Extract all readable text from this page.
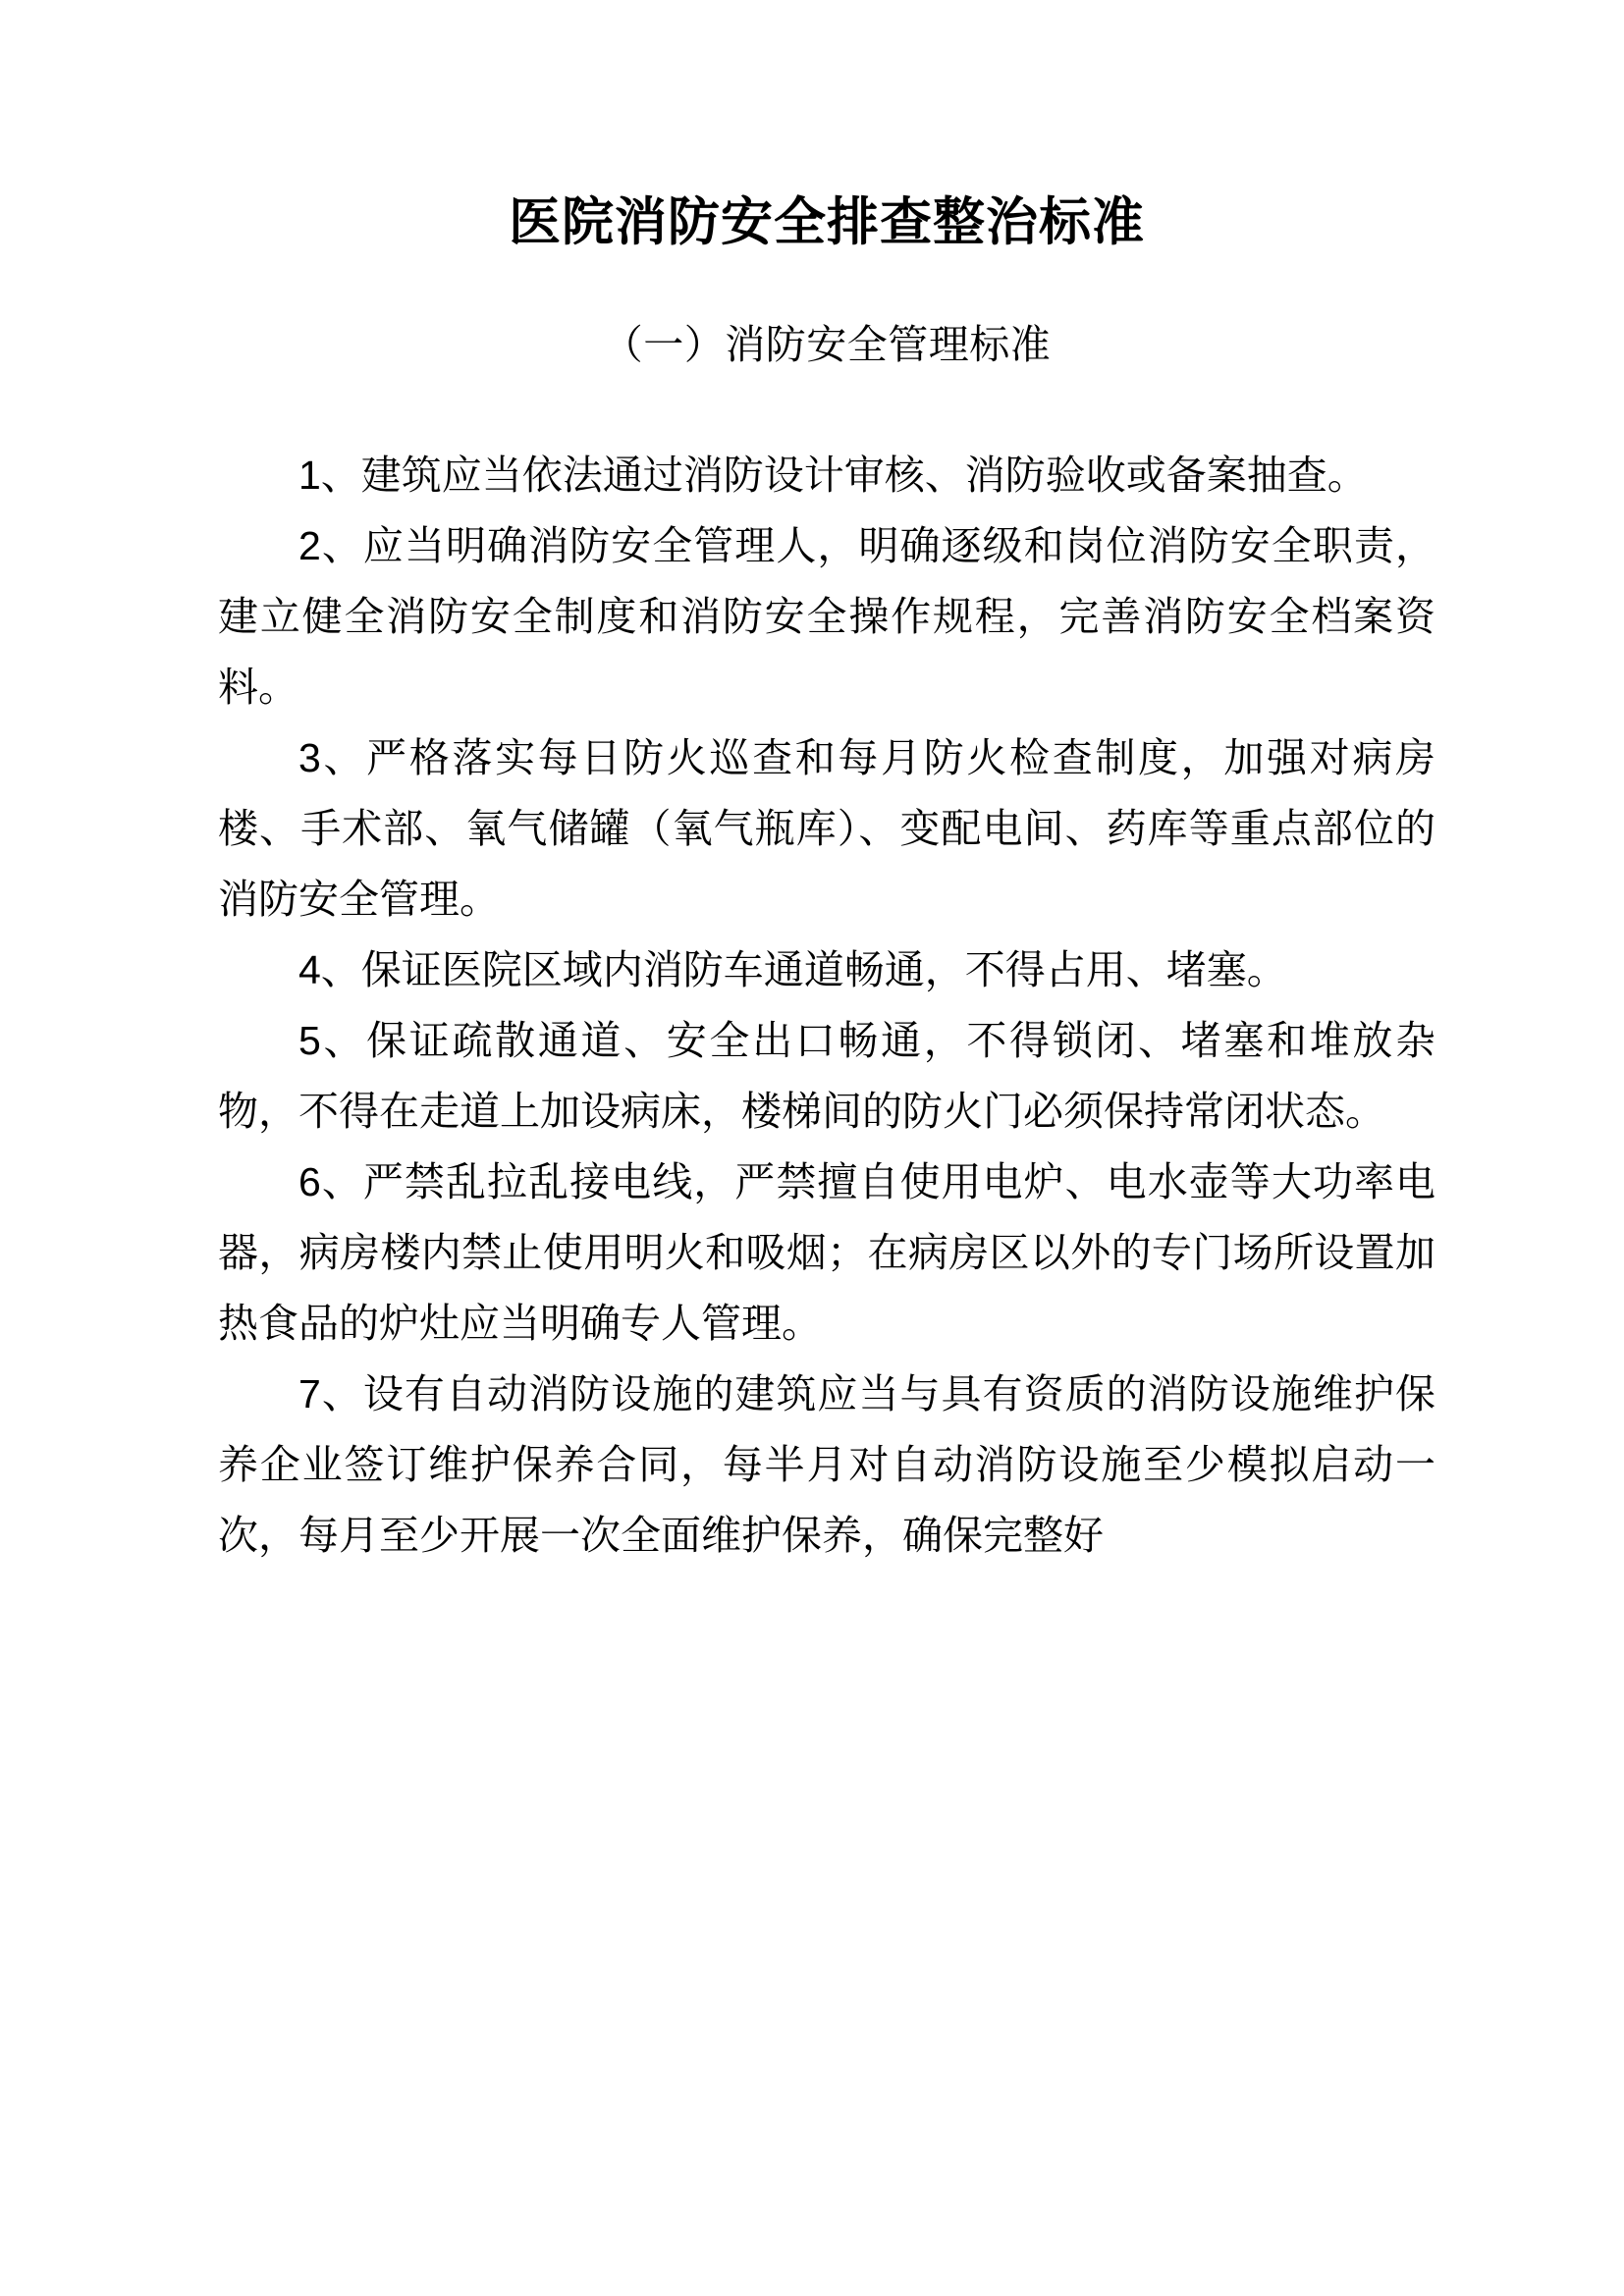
医院消防安全排查整治标准
（一）消防安全管理标准

1、建筑应当依法通过消防设计审核、消防验收或备案抽查。

2、应当明确消防安全管理人，明确逐级和岗位消防安全职责，建立健全消防安全制度和消防安全操作规程，完善消防安全档案资料。

3、严格落实每日防火巡查和每月防火检查制度，加强对病房楼、手术部、氧气储罐（氧气瓶库）、变配电间、药库等重点部位的消防安全管理。

4、保证医院区域内消防车通道畅通，不得占用、堵塞。

5、保证疏散通道、安全出口畅通，不得锁闭、堵塞和堆放杂物，不得在走道上加设病床，楼梯间的防火门必须保持常闭状态。

6、严禁乱拉乱接电线，严禁擅自使用电炉、电水壶等大功率电器，病房楼内禁止使用明火和吸烟；在病房区以外的专门场所设置加热食品的炉灶应当明确专人管理。

7、设有自动消防设施的建筑应当与具有资质的消防设施维护保养企业签订维护保养合同，每半月对自动消防设施至少模拟启动一次，每月至少开展一次全面维护保养，确保完整好
